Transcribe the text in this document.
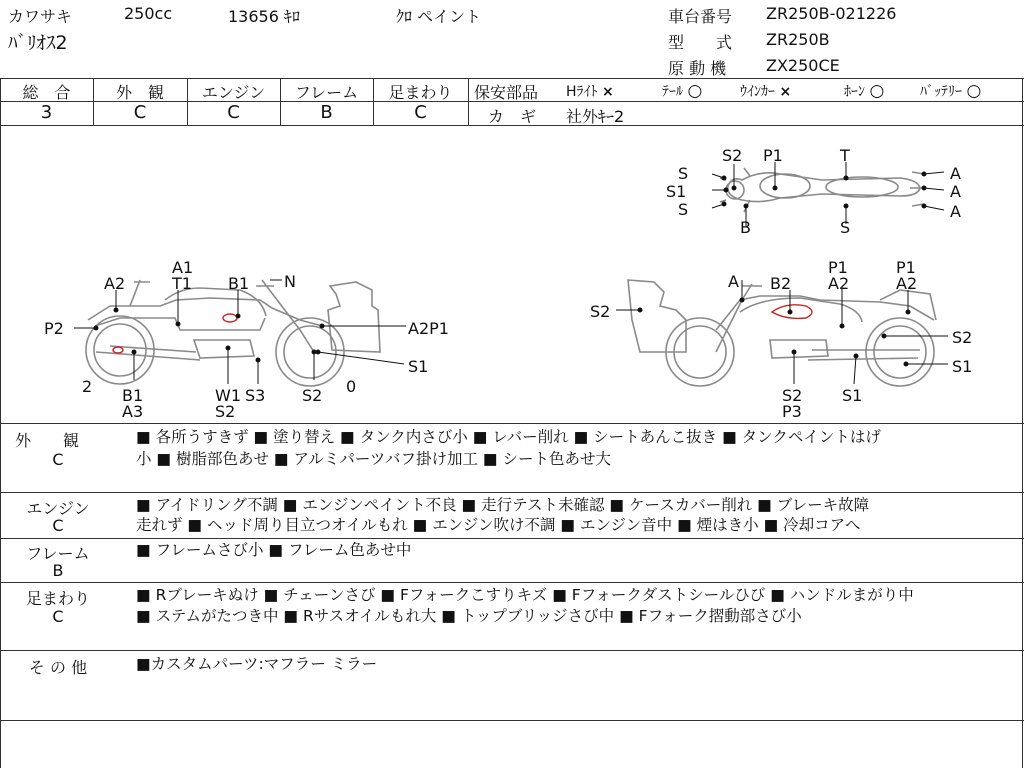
カワサキ	250cc	13656 ｷﾛ	ｸﾛ ペイント
ﾊﾞﾘｵｽ2
車台番号 ZR250B-021226
型　　式 ZR250B
原 動 機 ZX250CE
総　合	外　観	エンジン	フレーム	足まわり
3	C	C	B	C
保安部品 Hﾗｲﾄ ×	ﾃｰﾙ ○	ｳｲﾝｶｰ ×	ﾎｰﾝ ○	ﾊﾞｯﾃﾘｰ ○
カ　ギ 社外ｷｰ2
S2 P1	T
S
S1
S
B	S
A
A
A
A1
T1
A2	B1 N
P2	A2P1
S1
2 B1
A3
W1
S2
S3 S2 0
A B2
P1
A2
P1
A2
S2
S2
S1
S2
P3
S1
外　　観
C
■ 各所うすきず ■ 塗り替え ■ タンク内さび小 ■ レバー削れ ■ シートあんこ抜き ■ タンクペイントはげ
小 ■ 樹脂部色あせ ■ アルミパーツバフ掛け加工 ■ シート色あせ大
エンジン
C
■ アイドリング不調 ■ エンジンペイント不良 ■ 走行テスト未確認 ■ ケースカバー削れ ■ ブレーキ故障
走れず ■ ヘッド周り目立つオイルもれ ■ エンジン吹け不調 ■ エンジン音中 ■ 煙はき小 ■ 冷却コアへ
フレーム
B
■ フレームさび小 ■ フレーム色あせ中
足まわり
C
■ Rブレーキぬけ ■ チェーンさび ■ Fフォークこすりキズ ■ Fフォークダストシールひび ■ ハンドルまがり中
■ ステムがたつき中 ■ Rサスオイルもれ大 ■ トップブリッジさび中 ■ Fフォーク摺動部さび小
そ の 他	■カスタムパーツ:マフラー ミラー
